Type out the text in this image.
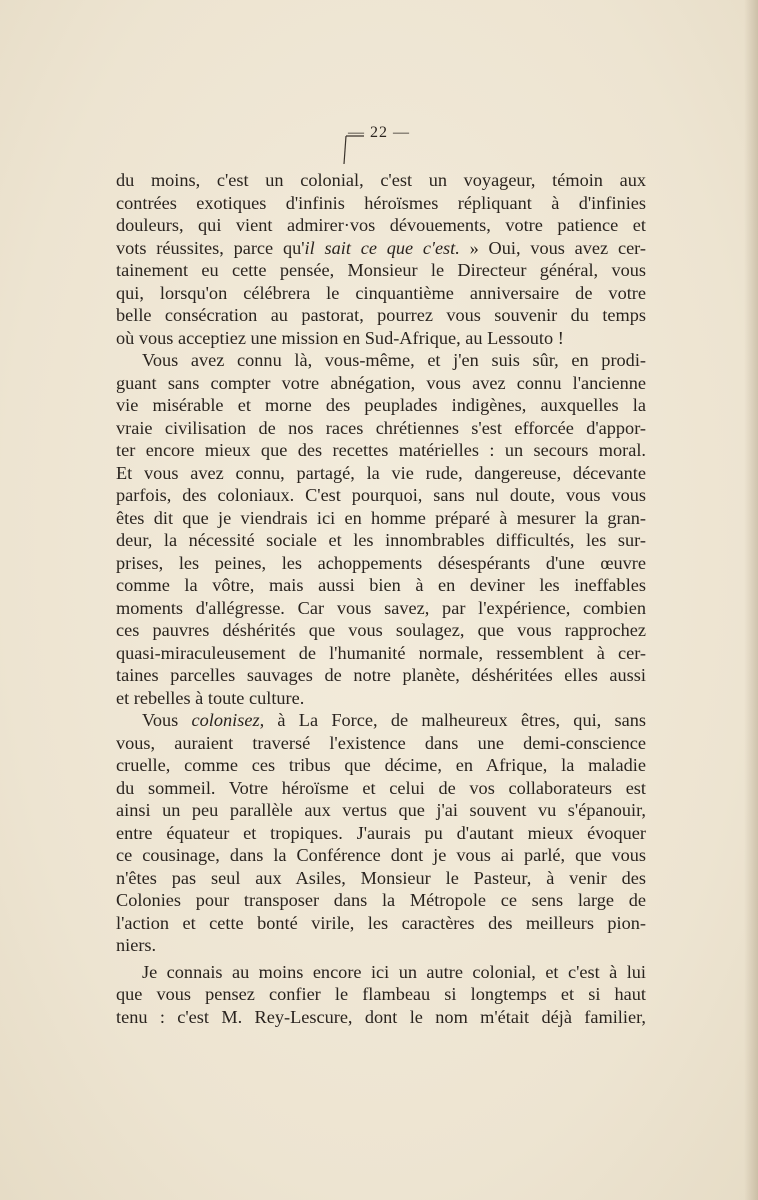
— 22 —
du moins, c'est un colonial, c'est un voyageur, témoin aux
contrées exotiques d'infinis héroïsmes répliquant à d'infinies
douleurs, qui vient admirer·vos dévouements, votre patience et
vots réussites, parce qu'il sait ce que c'est. » Oui, vous avez cer-
tainement eu cette pensée, Monsieur le Directeur général, vous
qui, lorsqu'on célébrera le cinquantième anniversaire de votre
belle consécration au pastorat, pourrez vous souvenir du temps
où vous acceptiez une mission en Sud-Afrique, au Lessouto !
Vous avez connu là, vous-même, et j'en suis sûr, en prodi-
guant sans compter votre abnégation, vous avez connu l'ancienne
vie misérable et morne des peuplades indigènes, auxquelles la
vraie civilisation de nos races chrétiennes s'est efforcée d'appor-
ter encore mieux que des recettes matérielles : un secours moral.
Et vous avez connu, partagé, la vie rude, dangereuse, décevante
parfois, des coloniaux. C'est pourquoi, sans nul doute, vous vous
êtes dit que je viendrais ici en homme préparé à mesurer la gran-
deur, la nécessité sociale et les innombrables difficultés, les sur-
prises, les peines, les achoppements désespérants d'une œuvre
comme la vôtre, mais aussi bien à en deviner les ineffables
moments d'allégresse. Car vous savez, par l'expérience, combien
ces pauvres déshérités que vous soulagez, que vous rapprochez
quasi-miraculeusement de l'humanité normale, ressemblent à cer-
taines parcelles sauvages de notre planète, déshéritées elles aussi
et rebelles à toute culture.
Vous colonisez, à La Force, de malheureux êtres, qui, sans
vous, auraient traversé l'existence dans une demi-conscience
cruelle, comme ces tribus que décime, en Afrique, la maladie
du sommeil. Votre héroïsme et celui de vos collaborateurs est
ainsi un peu parallèle aux vertus que j'ai souvent vu s'épanouir,
entre équateur et tropiques. J'aurais pu d'autant mieux évoquer
ce cousinage, dans la Conférence dont je vous ai parlé, que vous
n'êtes pas seul aux Asiles, Monsieur le Pasteur, à venir des
Colonies pour transposer dans la Métropole ce sens large de
l'action et cette bonté virile, les caractères des meilleurs pion-
niers.
Je connais au moins encore ici un autre colonial, et c'est à lui
que vous pensez confier le flambeau si longtemps et si haut
tenu : c'est M. Rey-Lescure, dont le nom m'était déjà familier,
